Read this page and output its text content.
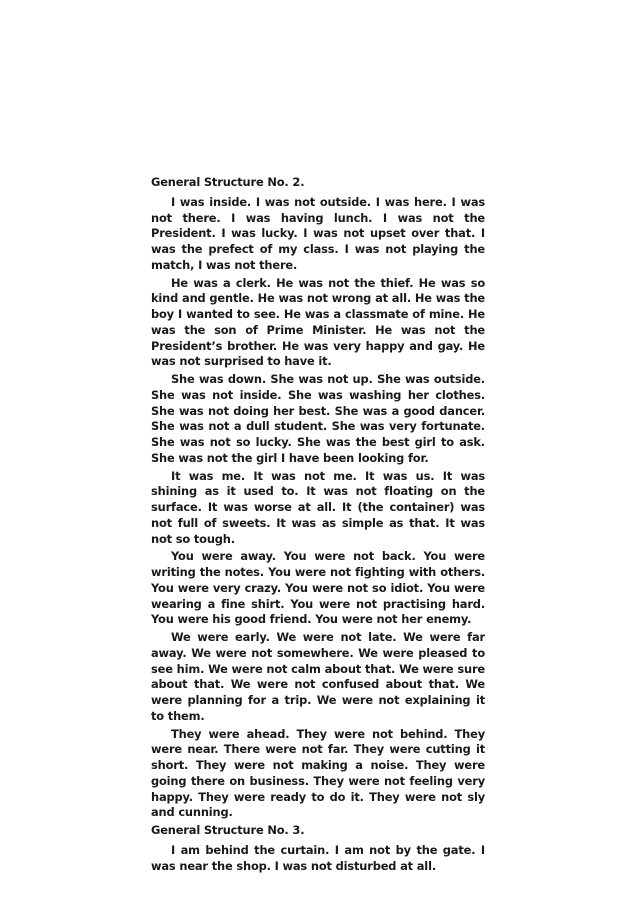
General Structure No. 2.

I was inside. I was not outside. I was here. I was not there. I was having lunch. I was not the President. I was lucky. I was not upset over that. I was the prefect of my class. I was not playing the match, I was not there.

He was a clerk. He was not the thief. He was so kind and gentle. He was not wrong at all. He was the boy I wanted to see. He was a classmate of mine. He was the son of Prime Minister. He was not the President’s brother. He was very happy and gay. He was not surprised to have it.

She was down. She was not up. She was outside. She was not inside. She was washing her clothes. She was not doing her best. She was a good dancer. She was not a dull student. She was very fortunate. She was not so lucky. She was the best girl to ask. She was not the girl I have been looking for.

It was me. It was not me. It was us. It was shining as it used to. It was not floating on the surface. It was worse at all. It (the container) was not full of sweets. It was as simple as that. It was not so tough.

You were away. You were not back. You were writing the notes. You were not fighting with others. You were very crazy. You were not so idiot. You were wearing a fine shirt. You were not practising hard. You were his good friend. You were not her enemy.

We were early. We were not late. We were far away. We were not somewhere. We were pleased to see him. We were not calm about that. We were sure about that. We were not confused about that. We were planning for a trip. We were not explaining it to them.

They were ahead. They were not behind. They were near. There were not far. They were cutting it short. They were not making a noise. They were going there on business. They were not feeling very happy. They were ready to do it. They were not sly and cunning.

General Structure No. 3.

I am behind the curtain. I am not by the gate. I was near the shop. I was not disturbed at all.
